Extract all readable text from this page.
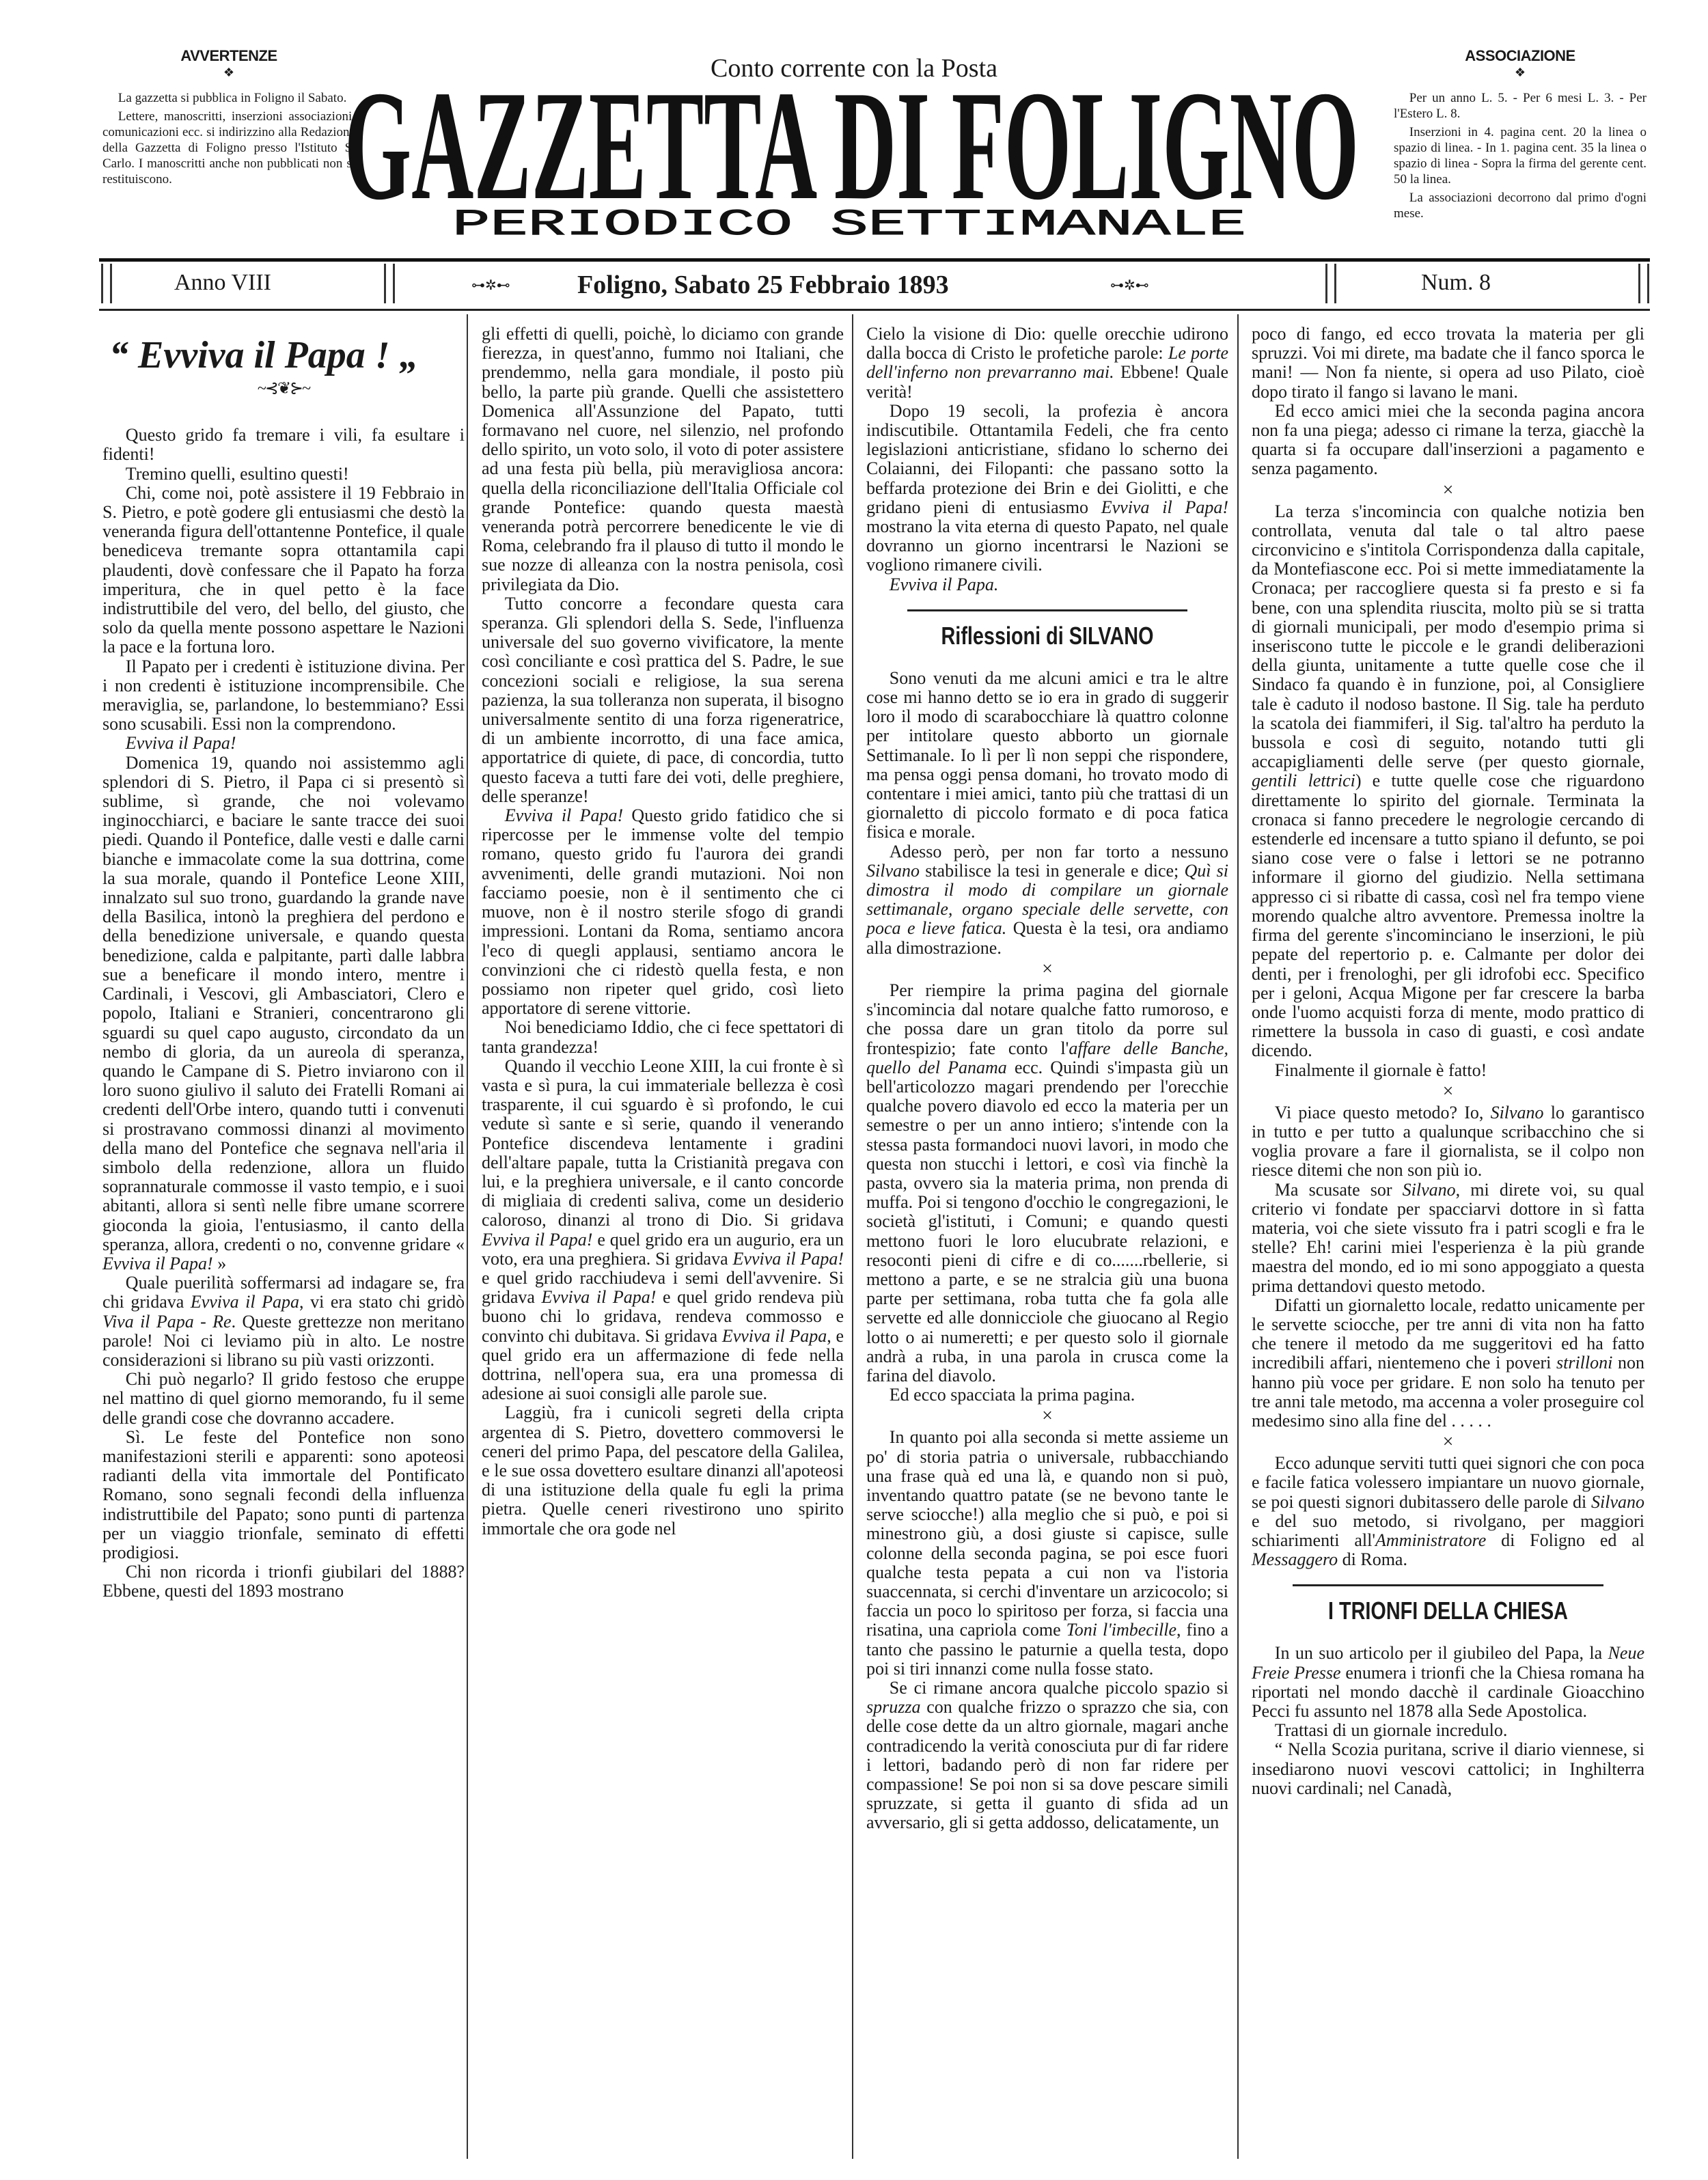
AVVERTENZE
❖

La gazzetta si pubblica in Foligno il Sabato.

Lettere, manoscritti, inserzioni associazioni, comunicazioni ecc. si indirizzino alla Redazione della Gazzetta di Foligno presso l'Istituto S. Carlo. I manoscritti anche non pubblicati non si restituiscono.

Conto corrente con la Posta
GAZZETTA DI FOLIGNO
PERIODICO SETTIMANALE
ASSOCIAZIONE
❖

Per un anno L. 5. - Per 6 mesi L. 3. - Per l'Estero L. 8.

Inserzioni in 4. pagina cent. 20 la linea o spazio di linea. - In 1. pagina cent. 35 la linea o spazio di linea - Sopra la firma del gerente cent. 50 la linea.

La associazioni decorrono dal primo d'ogni mese.

Anno VIII	⊶✲⊷	Foligno, Sabato 25 Febbraio 1893	⊶✲⊷	Num. 8
“ Evviva il Papa ! „
~⊰❦⊱~

Questo grido fa tremare i vili, fa esultare i fidenti!

Tremino quelli, esultino questi!

Chi, come noi, potè assistere il 19 Febbraio in S. Pietro, e potè godere gli entusiasmi che destò la veneranda figura dell'ottantenne Pontefice, il quale benediceva tremante sopra ottantamila capi plaudenti, dovè confessare che il Papato ha forza imperitura, che in quel petto è la face indistruttibile del vero, del bello, del giusto, che solo da quella mente possono aspettare le Nazioni la pace e la fortuna loro.

Il Papato per i credenti è istituzione divina. Per i non credenti è istituzione incomprensibile. Che meraviglia, se, parlandone, lo bestemmiano? Essi sono scusabili. Essi non la comprendono.

Evviva il Papa!

Domenica 19, quando noi assistemmo agli splendori di S. Pietro, il Papa ci si presentò sì sublime, sì grande, che noi volevamo inginocchiarci, e baciare le sante tracce dei suoi piedi. Quando il Pontefice, dalle vesti e dalle carni bianche e immacolate come la sua dottrina, come la sua morale, quando il Pontefice Leone XIII, innalzato sul suo trono, guardando la grande nave della Basilica, intonò la preghiera del perdono e della benedizione universale, e quando questa benedizione, calda e palpitante, partì dalle labbra sue a beneficare il mondo intero, mentre i Cardinali, i Vescovi, gli Ambasciatori, Clero e popolo, Italiani e Stranieri, concentrarono gli sguardi su quel capo augusto, circondato da un nembo di gloria, da un aureola di speranza, quando le Campane di S. Pietro inviarono con il loro suono giulivo il saluto dei Fratelli Romani ai credenti dell'Orbe intero, quando tutti i convenuti si prostravano commossi dinanzi al movimento della mano del Pontefice che segnava nell'aria il simbolo della redenzione, allora un fluido soprannaturale commosse il vasto tempio, e i suoi abitanti, allora si sentì nelle fibre umane scorrere gioconda la gioia, l'entusiasmo, il canto della speranza, allora, credenti o no, convenne gridare « Evviva il Papa! »

Quale puerilità soffermarsi ad indagare se, fra chi gridava Evviva il Papa, vi era stato chi gridò Viva il Papa - Re. Queste grettezze non meritano parole! Noi ci leviamo più in alto. Le nostre considerazioni si librano su più vasti orizzonti.

Chi può negarlo? Il grido festoso che eruppe nel mattino di quel giorno memorando, fu il seme delle grandi cose che dovranno accadere.

Sì. Le feste del Pontefice non sono manifestazioni sterili e apparenti: sono apoteosi radianti della vita immortale del Pontificato Romano, sono segnali fecondi della influenza indistruttibile del Papato; sono punti di partenza per un viaggio trionfale, seminato di effetti prodigiosi.

Chi non ricorda i trionfi giubilari del 1888? Ebbene, questi del 1893 mostrano

gli effetti di quelli, poichè, lo diciamo con grande fierezza, in quest'anno, fummo noi Italiani, che prendemmo, nella gara mondiale, il posto più bello, la parte più grande. Quelli che assistettero Domenica all'Assunzione del Papato, tutti formavano nel cuore, nel silenzio, nel profondo dello spirito, un voto solo, il voto di poter assistere ad una festa più bella, più meravigliosa ancora: quella della riconciliazione dell'Italia Officiale col grande Pontefice: quando questa maestà veneranda potrà percorrere benedicente le vie di Roma, celebrando fra il plauso di tutto il mondo le sue nozze di alleanza con la nostra penisola, così privilegiata da Dio.

Tutto concorre a fecondare questa cara speranza. Gli splendori della S. Sede, l'influenza universale del suo governo vivificatore, la mente così conciliante e così prattica del S. Padre, le sue concezioni sociali e religiose, la sua serena pazienza, la sua tolleranza non superata, il bisogno universalmente sentito di una forza rigeneratrice, di un ambiente incorrotto, di una face amica, apportatrice di quiete, di pace, di concordia, tutto questo faceva a tutti fare dei voti, delle preghiere, delle speranze!

Evviva il Papa! Questo grido fatidico che si ripercosse per le immense volte del tempio romano, questo grido fu l'aurora dei grandi avvenimenti, delle grandi mutazioni. Noi non facciamo poesie, non è il sentimento che ci muove, non è il nostro sterile sfogo di grandi impressioni. Lontani da Roma, sentiamo ancora l'eco di quegli applausi, sentiamo ancora le convinzioni che ci ridestò quella festa, e non possiamo non ripeter quel grido, così lieto apportatore di serene vittorie.

Noi benediciamo Iddio, che ci fece spettatori di tanta grandezza!

Quando il vecchio Leone XIII, la cui fronte è sì vasta e sì pura, la cui immateriale bellezza è così trasparente, il cui sguardo è sì profondo, le cui vedute sì sante e sì serie, quando il venerando Pontefice discendeva lentamente i gradini dell'altare papale, tutta la Cristianità pregava con lui, e la preghiera universale, e il canto concorde di migliaia di credenti saliva, come un desiderio caloroso, dinanzi al trono di Dio. Si gridava Evviva il Papa! e quel grido era un augurio, era un voto, era una preghiera. Si gridava Evviva il Papa! e quel grido racchiudeva i semi dell'avvenire. Si gridava Evviva il Papa! e quel grido rendeva più buono chi lo gridava, rendeva commosso e convinto chi dubitava. Si gridava Evviva il Papa, e quel grido era un affermazione di fede nella dottrina, nell'opera sua, era una promessa di adesione ai suoi consigli alle parole sue.

Laggiù, fra i cunicoli segreti della cripta argentea di S. Pietro, dovettero commoversi le ceneri del primo Papa, del pescatore della Galilea, e le sue ossa dovettero esultare dinanzi all'apoteosi di una istituzione della quale fu egli la prima pietra. Quelle ceneri rivestirono uno spirito immortale che ora gode nel

Cielo la visione di Dio: quelle orecchie udirono dalla bocca di Cristo le profetiche parole: Le porte dell'inferno non prevarranno mai. Ebbene! Quale verità!

Dopo 19 secoli, la profezia è ancora indiscutibile. Ottantamila Fedeli, che fra cento legislazioni anticristiane, sfidano lo scherno dei Colaianni, dei Filopanti: che passano sotto la beffarda protezione dei Brin e dei Giolitti, e che gridano pieni di entusiasmo Evviva il Papa! mostrano la vita eterna di questo Papato, nel quale dovranno un giorno incentrarsi le Nazioni se vogliono rimanere civili.

Evviva il Papa.

Riflessioni di SILVANO

Sono venuti da me alcuni amici e tra le altre cose mi hanno detto se io era in grado di suggerir loro il modo di scarabocchiare là quattro colonne per intitolare questo abborto un giornale Settimanale. Io lì per lì non seppi che rispondere, ma pensa oggi pensa domani, ho trovato modo di contentare i miei amici, tanto più che trattasi di un giornaletto di piccolo formato e di poca fatica fisica e morale.

Adesso però, per non far torto a nessuno Silvano stabilisce la tesi in generale e dice; Quì si dimostra il modo di compilare un giornale settimanale, organo speciale delle servette, con poca e lieve fatica. Questa è la tesi, ora andiamo alla dimostrazione.

×

Per riempire la prima pagina del giornale s'incomincia dal notare qualche fatto rumoroso, e che possa dare un gran titolo da porre sul frontespizio; fate conto l'affare delle Banche, quello del Panama ecc. Quindi s'impasta giù un bell'articolozzo magari prendendo per l'orecchie qualche povero diavolo ed ecco la materia per un semestre o per un anno intiero; s'intende con la stessa pasta formandoci nuovi lavori, in modo che questa non stucchi i lettori, e così via finchè la pasta, ovvero sia la materia prima, non prenda di muffa. Poi si tengono d'occhio le congregazioni, le società gl'istituti, i Comuni; e quando questi mettono fuori le loro elucubrate relazioni, e resoconti pieni di cifre e di co.......rbellerie, si mettono a parte, e se ne stralcia giù una buona parte per settimana, roba tutta che fa gola alle servette ed alle donnicciole che giuocano al Regio lotto o ai numeretti; e per questo solo il giornale andrà a ruba, in una parola in crusca come la farina del diavolo.

Ed ecco spacciata la prima pagina.

×

In quanto poi alla seconda si mette assieme un po' di storia patria o universale, rubbacchiando una frase quà ed una là, e quando non si può, inventando quattro patate (se ne bevono tante le serve sciocche!) alla meglio che si può, e poi si minestrono giù, a dosi giuste si capisce, sulle colonne della seconda pagina, se poi esce fuori qualche testa pepata a cui non va l'istoria suaccennata, si cerchi d'inventare un arzicocolo; si faccia un poco lo spiritoso per forza, si faccia una risatina, una capriola come Toni l'imbecille, fino a tanto che passino le paturnie a quella testa, dopo poi si tiri innanzi come nulla fosse stato.

Se ci rimane ancora qualche piccolo spazio si spruzza con qualche frizzo o sprazzo che sia, con delle cose dette da un altro giornale, magari anche contradicendo la verità conosciuta pur di far ridere i lettori, badando però di non far ridere per compassione! Se poi non si sa dove pescare simili spruzzate, si getta il guanto di sfida ad un avversario, gli si getta addosso, delicatamente, un

poco di fango, ed ecco trovata la materia per gli spruzzi. Voi mi direte, ma badate che il fanco sporca le mani! — Non fa niente, si opera ad uso Pilato, cioè dopo tirato il fango si lavano le mani.

Ed ecco amici miei che la seconda pagina ancora non fa una piega; adesso ci rimane la terza, giacchè la quarta si fa occupare dall'inserzioni a pagamento e senza pagamento.

×

La terza s'incomincia con qualche notizia ben controllata, venuta dal tale o tal altro paese circonvicino e s'intitola Corrispondenza dalla capitale, da Montefiascone ecc. Poi si mette immediatamente la Cronaca; per raccogliere questa si fa presto e si fa bene, con una splendita riuscita, molto più se si tratta di giornali municipali, per modo d'esempio prima si inseriscono tutte le piccole e le grandi deliberazioni della giunta, unitamente a tutte quelle cose che il Sindaco fa quando è in funzione, poi, al Consigliere tale è caduto il nodoso bastone. Il Sig. tale ha perduto la scatola dei fiammiferi, il Sig. tal'altro ha perduto la bussola e così di seguito, notando tutti gli accapigliamenti delle serve (per questo giornale, gentili lettrici) e tutte quelle cose che riguardono direttamente lo spirito del giornale. Terminata la cronaca si fanno precedere le negrologie cercando di estenderle ed incensare a tutto spiano il defunto, se poi siano cose vere o false i lettori se ne potranno informare il giorno del giudizio. Nella settimana appresso ci si ribatte di cassa, così nel fra tempo viene morendo qualche altro avventore. Premessa inoltre la firma del gerente s'incominciano le inserzioni, le più pepate del repertorio p. e. Calmante per dolor dei denti, per i frenologhi, per gli idrofobi ecc. Specifico per i geloni, Acqua Migone per far crescere la barba onde l'uomo acquisti forza di mente, modo prattico di rimettere la bussola in caso di guasti, e così andate dicendo.

Finalmente il giornale è fatto!

×

Vi piace questo metodo? Io, Silvano lo garantisco in tutto e per tutto a qualunque scribacchino che si voglia provare a fare il giornalista, se il colpo non riesce ditemi che non son più io.

Ma scusate sor Silvano, mi direte voi, su qual criterio vi fondate per spacciarvi dottore in sì fatta materia, voi che siete vissuto fra i patri scogli e fra le stelle? Eh! carini miei l'esperienza è la più grande maestra del mondo, ed io mi sono appoggiato a questa prima dettandovi questo metodo.

Difatti un giornaletto locale, redatto unicamente per le servette sciocche, per tre anni di vita non ha fatto che tenere il metodo da me suggeritovi ed ha fatto incredibili affari, nientemeno che i poveri strilloni non hanno più voce per gridare. E non solo ha tenuto per tre anni tale metodo, ma accenna a voler proseguire col medesimo sino alla fine del . . . . .

×

Ecco adunque serviti tutti quei signori che con poca e facile fatica volessero impiantare un nuovo giornale, se poi questi signori dubitassero delle parole di Silvano e del suo metodo, si rivolgano, per maggiori schiarimenti all'Amministratore di Foligno ed al Messaggero di Roma.

I TRIONFI DELLA CHIESA

In un suo articolo per il giubileo del Papa, la Neue Freie Presse enumera i trionfi che la Chiesa romana ha riportati nel mondo dacchè il cardinale Gioacchino Pecci fu assunto nel 1878 alla Sede Apostolica.

Trattasi di un giornale incredulo.

“ Nella Scozia puritana, scrive il diario viennese, si insediarono nuovi vescovi cattolici; in Inghilterra nuovi cardinali; nel Canadà,
